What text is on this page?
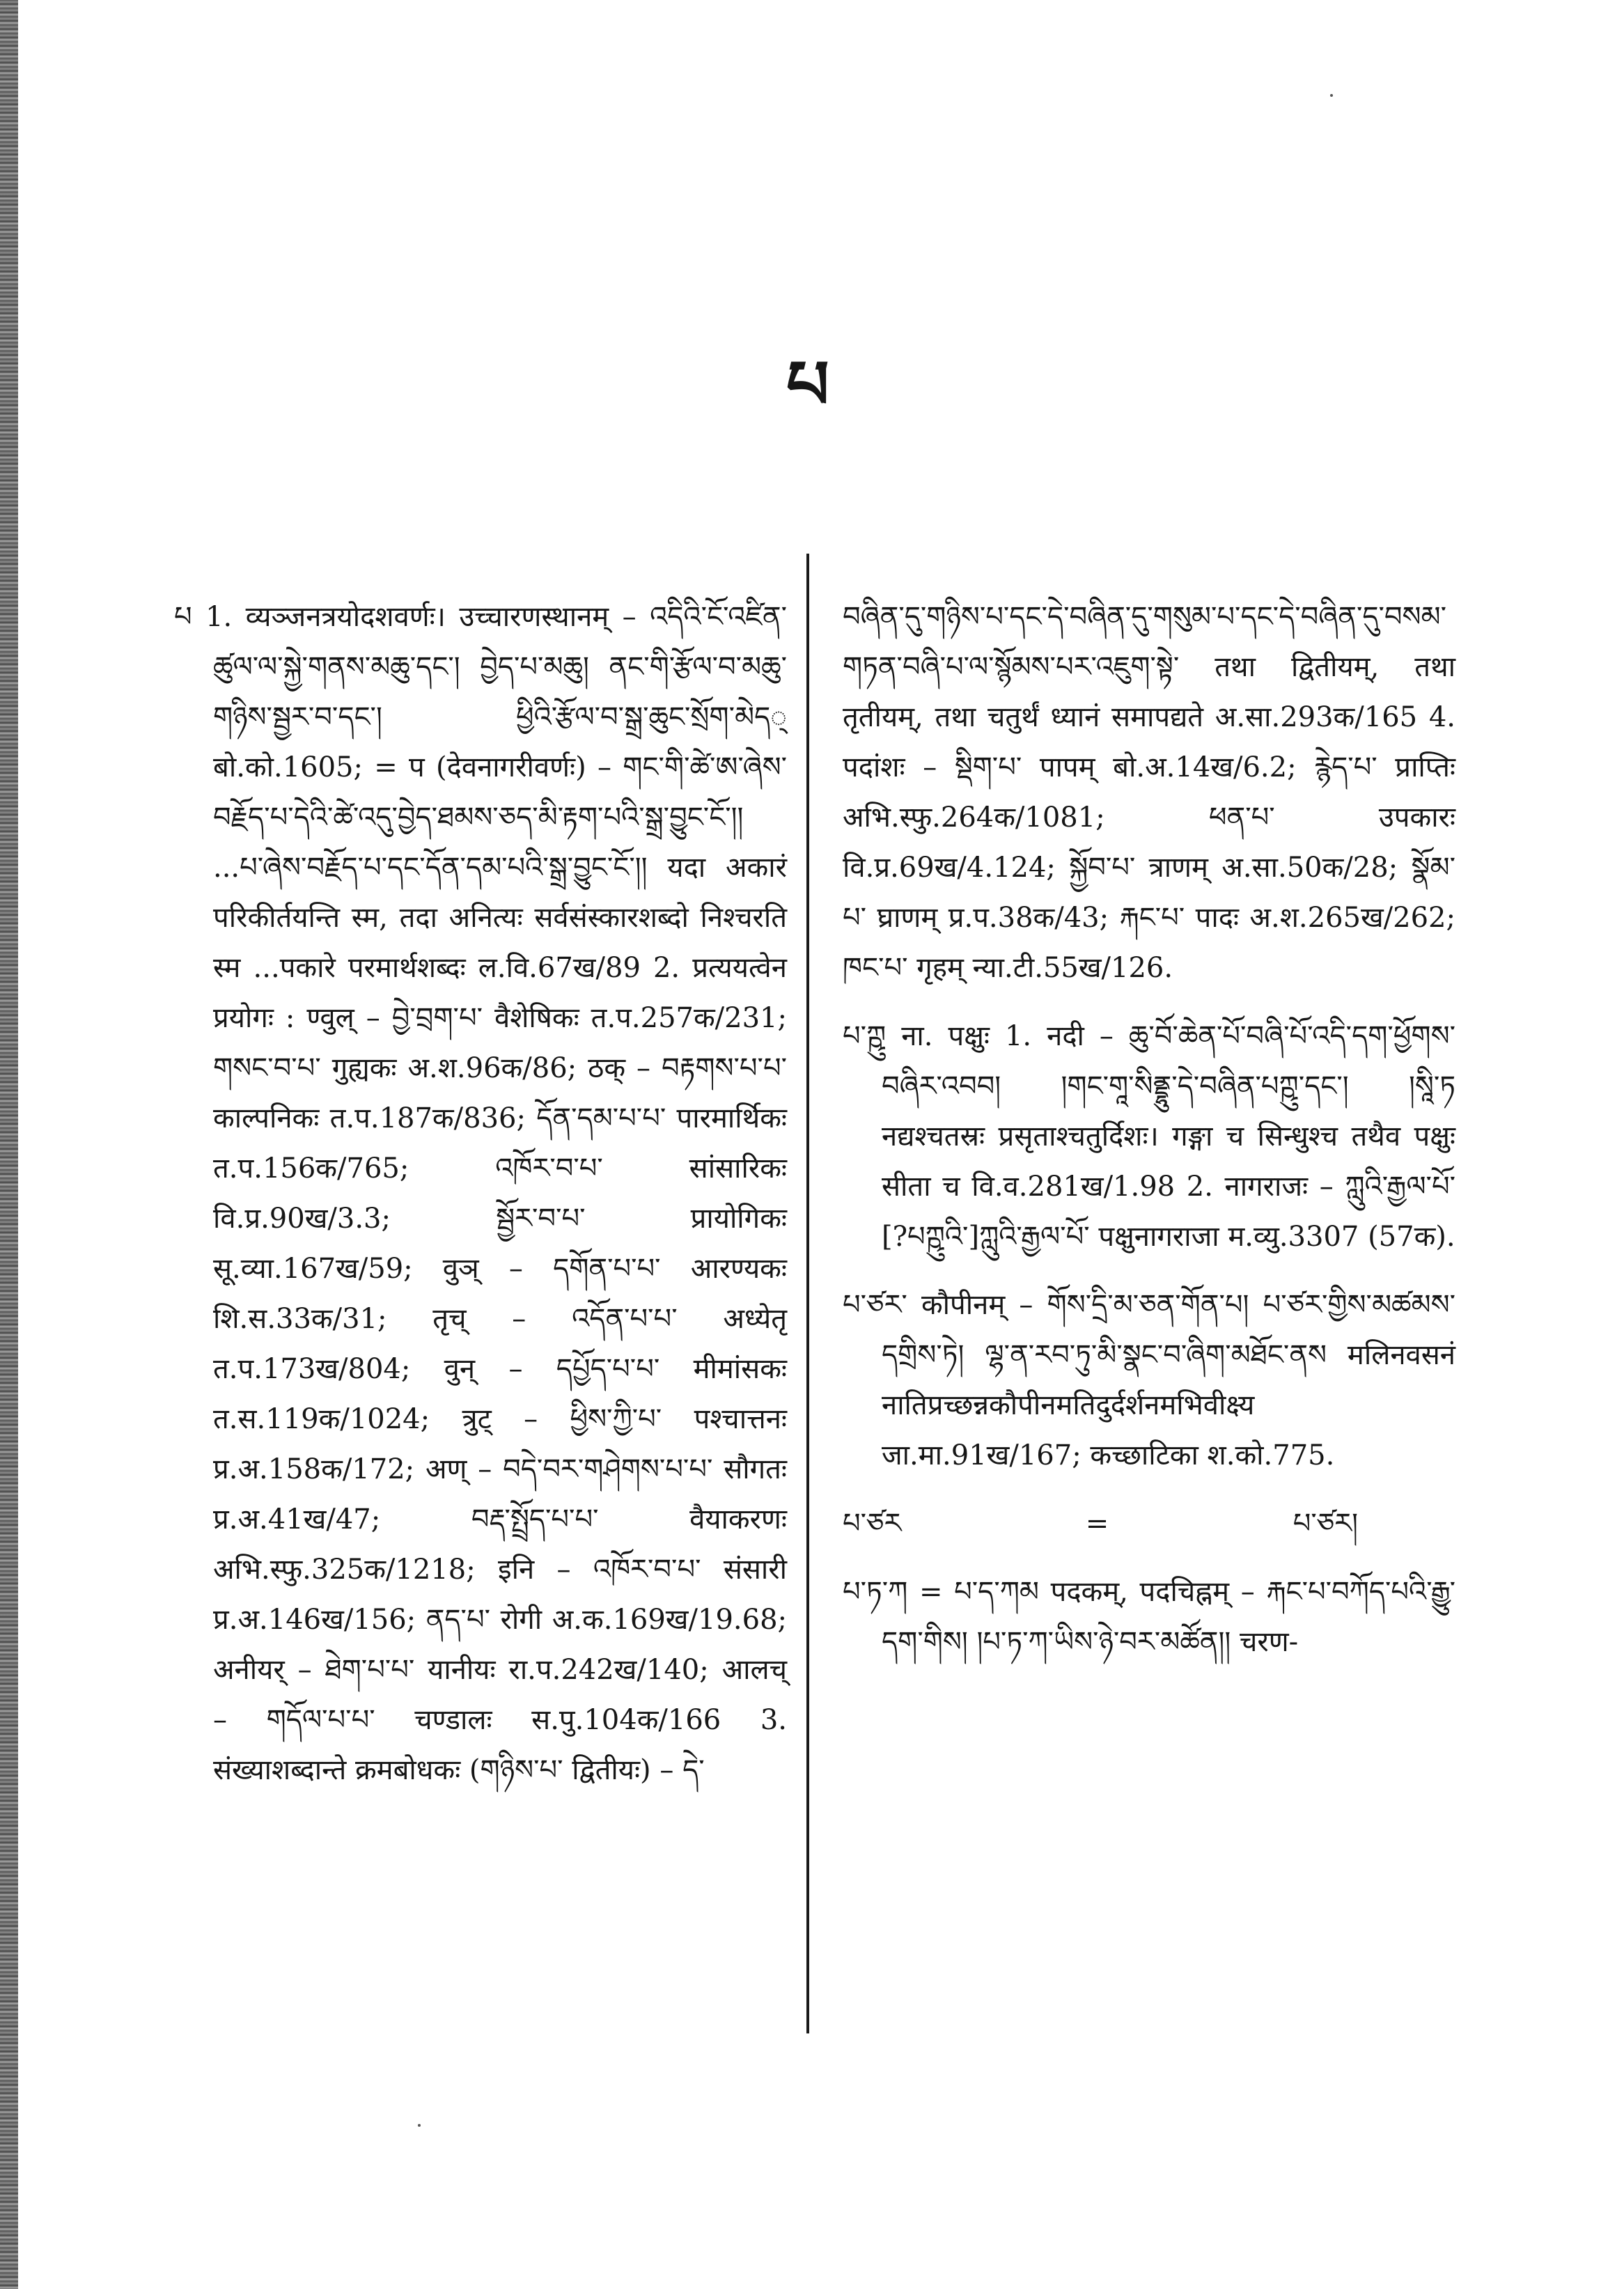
པ

པ 1. व्यञ्जनत्रयोदशवर्णः। उच्चारणस्थानम् – འདིའི་ངོ་འཛིན་ཚུལ་ལ་སྐྱེ་གནས་མཆུ་དང་། བྱེད་པ་མཆུ། ནང་གི་རྩོལ་བ་མཆུ་གཉིས་སྦྱར་བ་དང་། ཕྱིའི་རྩོལ་བ་སྒྲ་ཆུང་སྲོག་མེད् बो.को.1605; = प (देवनागरीवर्णः) – གང་གི་ཚེ་ཨ་ཞེས་བརྗོད་པ་དེའི་ཚེ་འདུ་བྱེད་ཐམས་ཅད་མི་རྟག་པའི་སྒྲ་བྱུང་ངོ་།། ...པ་ཞེས་བརྗོད་པ་དང་དོན་དམ་པའི་སྒྲ་བྱུང་ངོ་།། यदा अकारं परिकीर्तयन्ति स्म, तदा अनित्यः सर्वसंस्कारशब्दो निश्चरति स्म ...पकारे परमार्थशब्दः ल.वि.67ख/89 2. प्रत्ययत्वेन प्रयोगः : ण्वुल् – བྱེ་བྲག་པ་ वैशेषिकः त.प.257क/231; གསང་བ་པ་ गुह्यकः अ.श.96क/86; ठक् – བརྟགས་པ་པ་ काल्पनिकः त.प.187क/836; དོན་དམ་པ་པ་ पारमार्थिकः त.प.156क/765; འཁོར་བ་པ་ सांसारिकः वि.प्र.90ख/3.3; སྦྱོར་བ་པ་ प्रायोगिकः सू.व्या.167ख/59; वुञ् – དགོན་པ་པ་ आरण्यकः शि.स.33क/31; तृच् – འདོན་པ་པ་ अध्येतृ त.प.173ख/804; वुन् – དཔྱོད་པ་པ་ मीमांसकः त.स.119क/1024; त्रुट् – ཕྱིས་ཀྱི་པ་ पश्चात्तनः प्र.अ.158क/172; अण् – བདེ་བར་གཤེགས་པ་པ་ सौगतः प्र.अ.41ख/47; བརྡ་སྤྲོད་པ་པ་ वैयाकरणः अभि.स्फु.325क/1218; इनि – འཁོར་བ་པ་ संसारी प्र.अ.146ख/156; ནད་པ་ रोगी अ.क.169ख/19.68; अनीयर् – ཐེག་པ་པ་ यानीयः रा.प.242ख/140; आलच् – གདོལ་པ་པ་ चण्डालः स.पु.104क/166 3. संख्याशब्दान्ते क्रमबोधकः (གཉིས་པ་ द्वितीयः) – དེ་

བཞིན་དུ་གཉིས་པ་དང་དེ་བཞིན་དུ་གསུམ་པ་དང་དེ་བཞིན་དུ་བསམ་གཏན་བཞི་པ་ལ་སྙོམས་པར་འཇུག་སྟེ་ तथा द्वितीयम्, तथा तृतीयम्, तथा चतुर्थं ध्यानं समापद्यते अ.सा.293क/165 4. पदांशः – སྡིག་པ་ पापम् बो.अ.14ख/6.2; རྙེད་པ་ प्राप्तिः अभि.स्फु.264क/1081; ཕན་པ་ उपकारः वि.प्र.69ख/4.124; སྐྱོབ་པ་ त्राणम् अ.सा.50क/28; སྣོམ་པ་ घ्राणम् प्र.प.38क/43; རྐང་པ་ पादः अ.श.265ख/262; ཁང་པ་ गृहम् न्या.टी.55ख/126.

པ་ཀྵུ ना. पक्षुः 1. नदी – ཆུ་བོ་ཆེན་པོ་བཞི་པོ་འདི་དག་ཕྱོགས་བཞིར་འབབ། །གང་གཱ་སིནྡྷུ་དེ་བཞིན་པཀྵུ་དང་། །སཱི་ཏ नद्यश्चतस्रः प्रसृताश्चतुर्दिशः। गङ्गा च सिन्धुश्च तथैव पक्षुः सीता च वि.व.281ख/1.98 2. नागराजः – ཀླུའི་རྒྱལ་པོ་[?པཀྵུའི་]ཀླུའི་རྒྱལ་པོ་ पक्षुनागराजा म.व्यु.3307 (57क).

པ་ཙར་ कौपीनम् – གོས་དྲི་མ་ཅན་གོན་པ། པ་ཙར་གྱིས་མཚམས་དགྲིས་ཏེ། ལྷ་ན་རབ་ཏུ་མི་སྣང་བ་ཞིག་མཐོང་ནས मलिनवसनं नातिप्रच्छन्नकौपीनमतिदुर्दर्शनमभिवीक्ष्य जा.मा.91ख/167; कच्छाटिका श.को.775.

པ་ཙར	=	པ་ཙར།

པ་ཏ་ཀ = པ་ད་ཀམ पदकम्, पदचिह्नम् – རྐང་པ་བཀོད་པའི་རྒྱུ་དག་གིས། །པ་ཏ་ཀ་ཡིས་ཉེ་བར་མཚོན།། चरण-
